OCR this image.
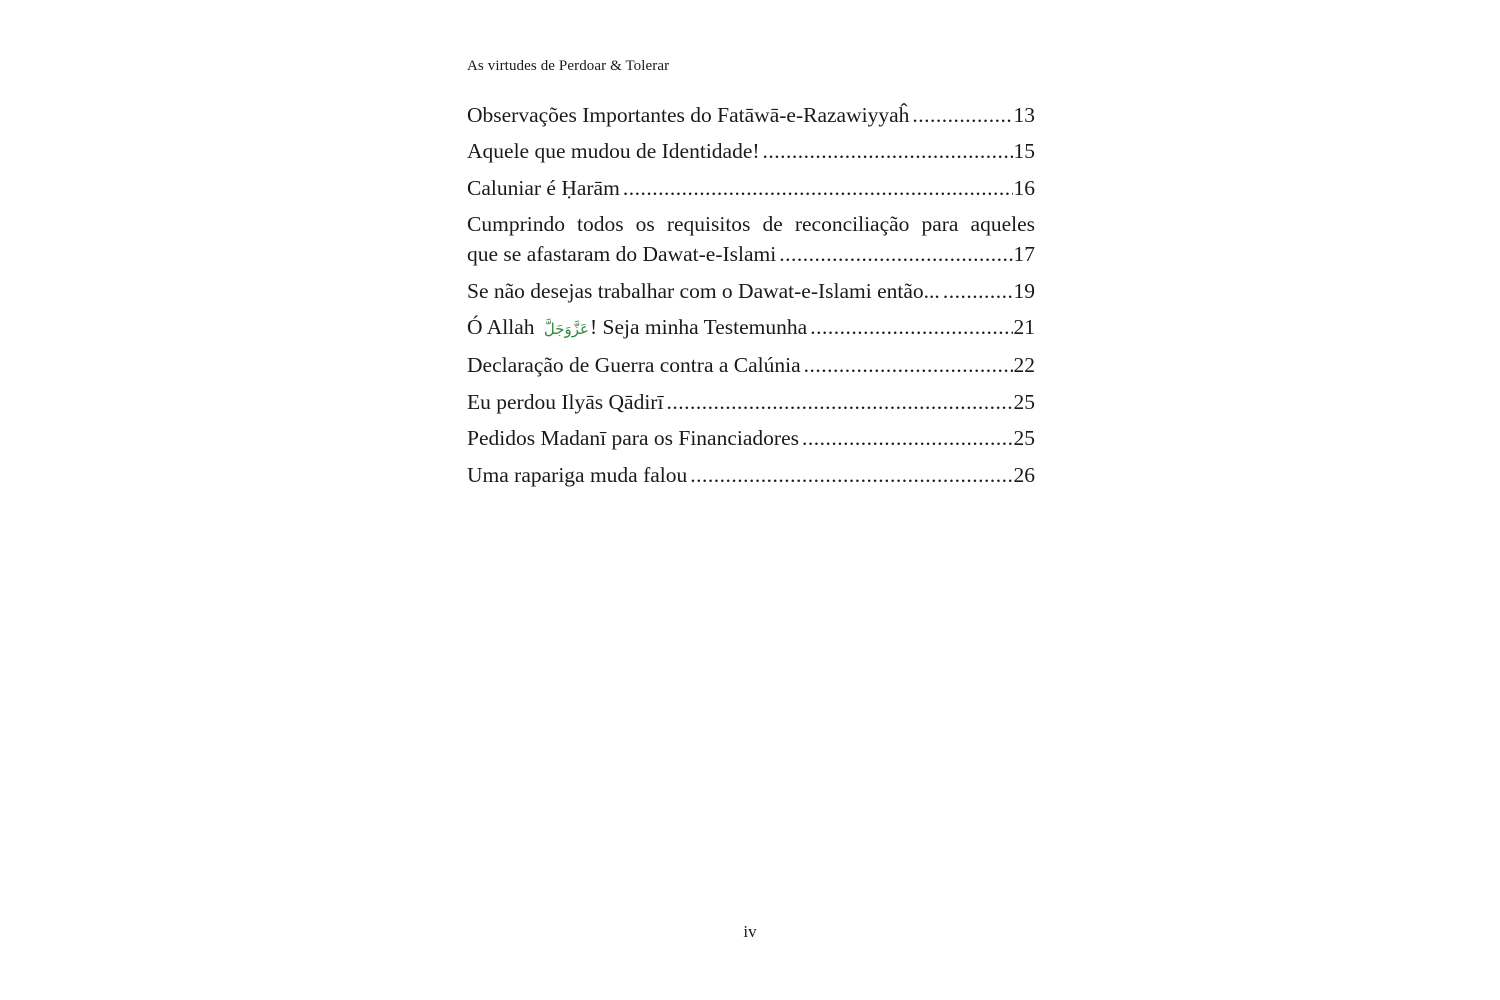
As virtudes de Perdoar & Tolerar
Observações Importantes do Fatāwā-e-Razawiyyaĥ .....	13
Aquele que mudou de Identidade! .....	15
Caluniar é Ḥarām .....	16
Cumprindo todos os requisitos de reconciliação para aqueles
que se afastaram do Dawat-e-Islami .....	17
Se não desejas trabalhar com o Dawat-e-Islami então... .....	19
Ó Allah عَزَّوَجَلَّ! Seja minha Testemunha .....	21
Declaração de Guerra contra a Calúnia .....	22
Eu perdou Ilyās Qādirī .....	25
Pedidos Madanī para os Financiadores .....	25
Uma rapariga muda falou .....	26
iv
